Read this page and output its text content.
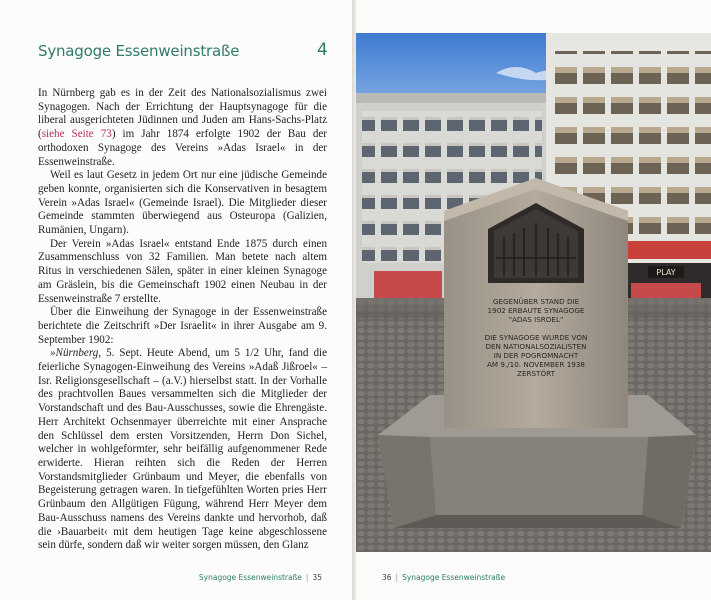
Synagoge Essenweinstraße	4

In Nürnberg gab es in der Zeit des Nationalsozialismus zwei Synagogen. Nach der Errichtung der Hauptsynagoge für die liberal ausgerichteten Jüdinnen und Juden am Hans-Sachs-Platz (siehe Seite 73) im Jahr 1874 erfolgte 1902 der Bau der orthodoxen Synagoge des Vereins »Adas Israel« in der Essenweinstraße.

Weil es laut Gesetz in jedem Ort nur eine jüdische Gemeinde geben konnte, organisierten sich die Konservativen in besagtem Verein »Adas Israel« (Gemeinde Israel). Die Mitglieder dieser Gemeinde stammten überwiegend aus Osteuropa (Galizien, Rumänien, Ungarn).

Der Verein »Adas Israel« entstand Ende 1875 durch einen Zusammenschluss von 32 Familien. Man betete nach altem Ritus in verschiedenen Sälen, später in einer kleinen Synagoge am Gräslein, bis die Gemeinschaft 1902 einen Neubau in der Essenweinstraße 7 erstellte.

Über die Einweihung der Synagoge in der Essenweinstraße berichtete die Zeitschrift »Der Israelit« in ihrer Ausgabe am 9. September 1902:

»Nürnberg, 5. Sept. Heute Abend, um 5 1/2 Uhr, fand die feierliche Synagogen-Einweihung des Vereins »Adaß Jißroel« – Isr. Religionsgesellschaft – (a.V.) hierselbst statt. In der Vorhalle des prachtvollen Baues versammelten sich die Mitglieder der Vorstandschaft und des Bau-Ausschusses, sowie die Ehrengäste. Herr Architekt Ochsenmayer überreichte mit einer Ansprache den Schlüssel dem ersten Vorsitzenden, Herrn Don Sichel, welcher in wohlgeformter, sehr beifällig aufgenommener Rede erwiderte. Hieran reihten sich die Reden der Herren Vorstandsmitglieder Grünbaum und Meyer, die ebenfalls von Begeisterung getragen waren. In tiefgefühlten Worten pries Herr Grünbaum den Allgütigen Fügung, während Herr Meyer dem Bau-Ausschuss namens des Vereins dankte und hervorhob, daß die ›Bauarbeit‹ mit dem heutigen Tage keine abgeschlossene sein dürfe, sondern daß wir weiter sorgen müssen, den Glanz

Synagoge Essenweinstraße | 35	36 | Synagoge Essenweinstraße
PLAY
GEGENÜBER STAND DIE
1902 ERBAUTE SYNAGOGE
"ADAS ISROEL"
DIE SYNAGOGE WURDE VON
DEN NATIONALSOZIALISTEN
IN DER POGROMNACHT
AM 9./10. NOVEMBER 1938
ZERSTÖRT
